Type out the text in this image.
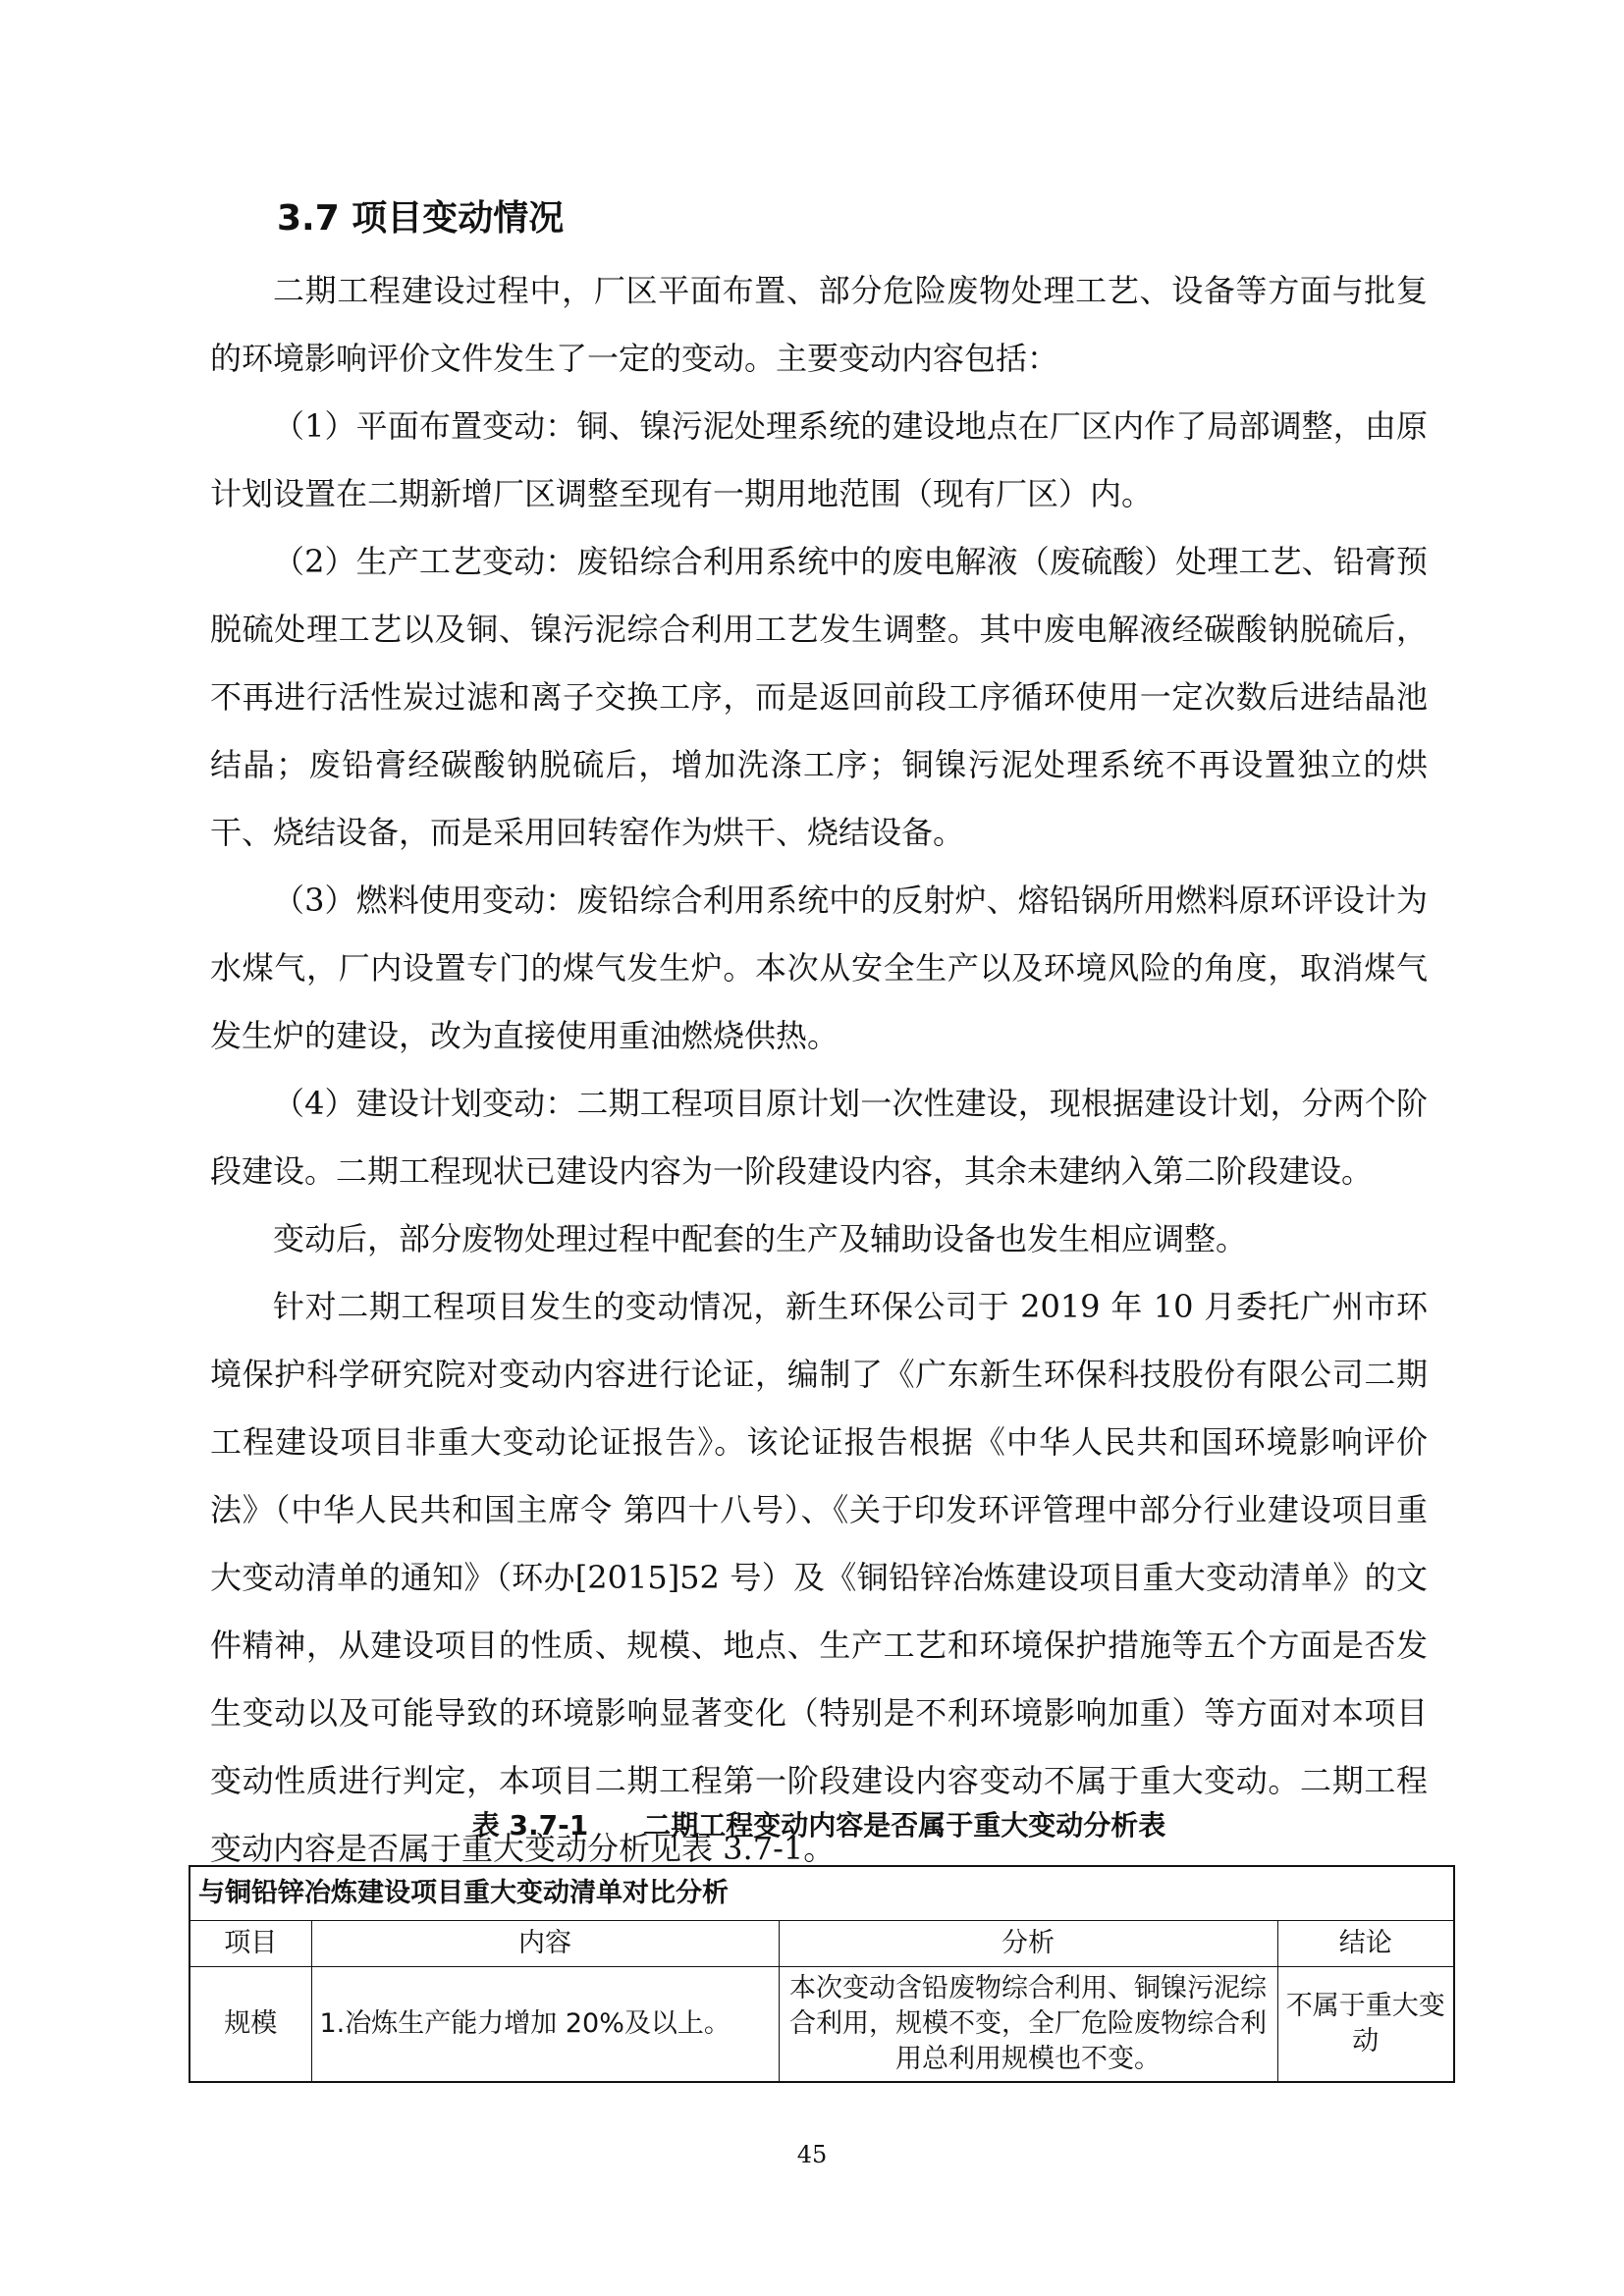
3.7 项目变动情况

二期工程建设过程中，厂区平面布置、部分危险废物处理工艺、设备等方面与批复的环境影响评价文件发生了一定的变动。主要变动内容包括：

（1）平面布置变动：铜、镍污泥处理系统的建设地点在厂区内作了局部调整，由原计划设置在二期新增厂区调整至现有一期用地范围（现有厂区）内。

（2）生产工艺变动：废铅综合利用系统中的废电解液（废硫酸）处理工艺、铅膏预脱硫处理工艺以及铜、镍污泥综合利用工艺发生调整。其中废电解液经碳酸钠脱硫后，不再进行活性炭过滤和离子交换工序，而是返回前段工序循环使用一定次数后进结晶池结晶；废铅膏经碳酸钠脱硫后，增加洗涤工序；铜镍污泥处理系统不再设置独立的烘干、烧结设备，而是采用回转窑作为烘干、烧结设备。

（3）燃料使用变动：废铅综合利用系统中的反射炉、熔铅锅所用燃料原环评设计为水煤气，厂内设置专门的煤气发生炉。本次从安全生产以及环境风险的角度，取消煤气发生炉的建设，改为直接使用重油燃烧供热。

（4）建设计划变动：二期工程项目原计划一次性建设，现根据建设计划，分两个阶段建设。二期工程现状已建设内容为一阶段建设内容，其余未建纳入第二阶段建设。

变动后，部分废物处理过程中配套的生产及辅助设备也发生相应调整。

针对二期工程项目发生的变动情况，新生环保公司于 2019 年 10 月委托广州市环境保护科学研究院对变动内容进行论证，编制了《广东新生环保科技股份有限公司二期工程建设项目非重大变动论证报告》。该论证报告根据《中华人民共和国环境影响评价法》（中华人民共和国主席令 第四十八号）、《关于印发环评管理中部分行业建设项目重大变动清单的通知》（环办[2015]52 号）及《铜铅锌冶炼建设项目重大变动清单》的文件精神，从建设项目的性质、规模、地点、生产工艺和环境保护措施等五个方面是否发生变动以及可能导致的环境影响显著变化（特别是不利环境影响加重）等方面对本项目变动性质进行判定，本项目二期工程第一阶段建设内容变动不属于重大变动。二期工程变动内容是否属于重大变动分析见表 3.7-1。

表 3.7-1　　二期工程变动内容是否属于重大变动分析表
与铜铅锌冶炼建设项目重大变动清单对比分析			
项目	内容	分析	结论
规模	1.冶炼生产能力增加 20%及以上。	本次变动含铅废物综合利用、铜镍污泥综合利用，规模不变，全厂危险废物综合利用总利用规模也不变。	不属于重大变动
45
